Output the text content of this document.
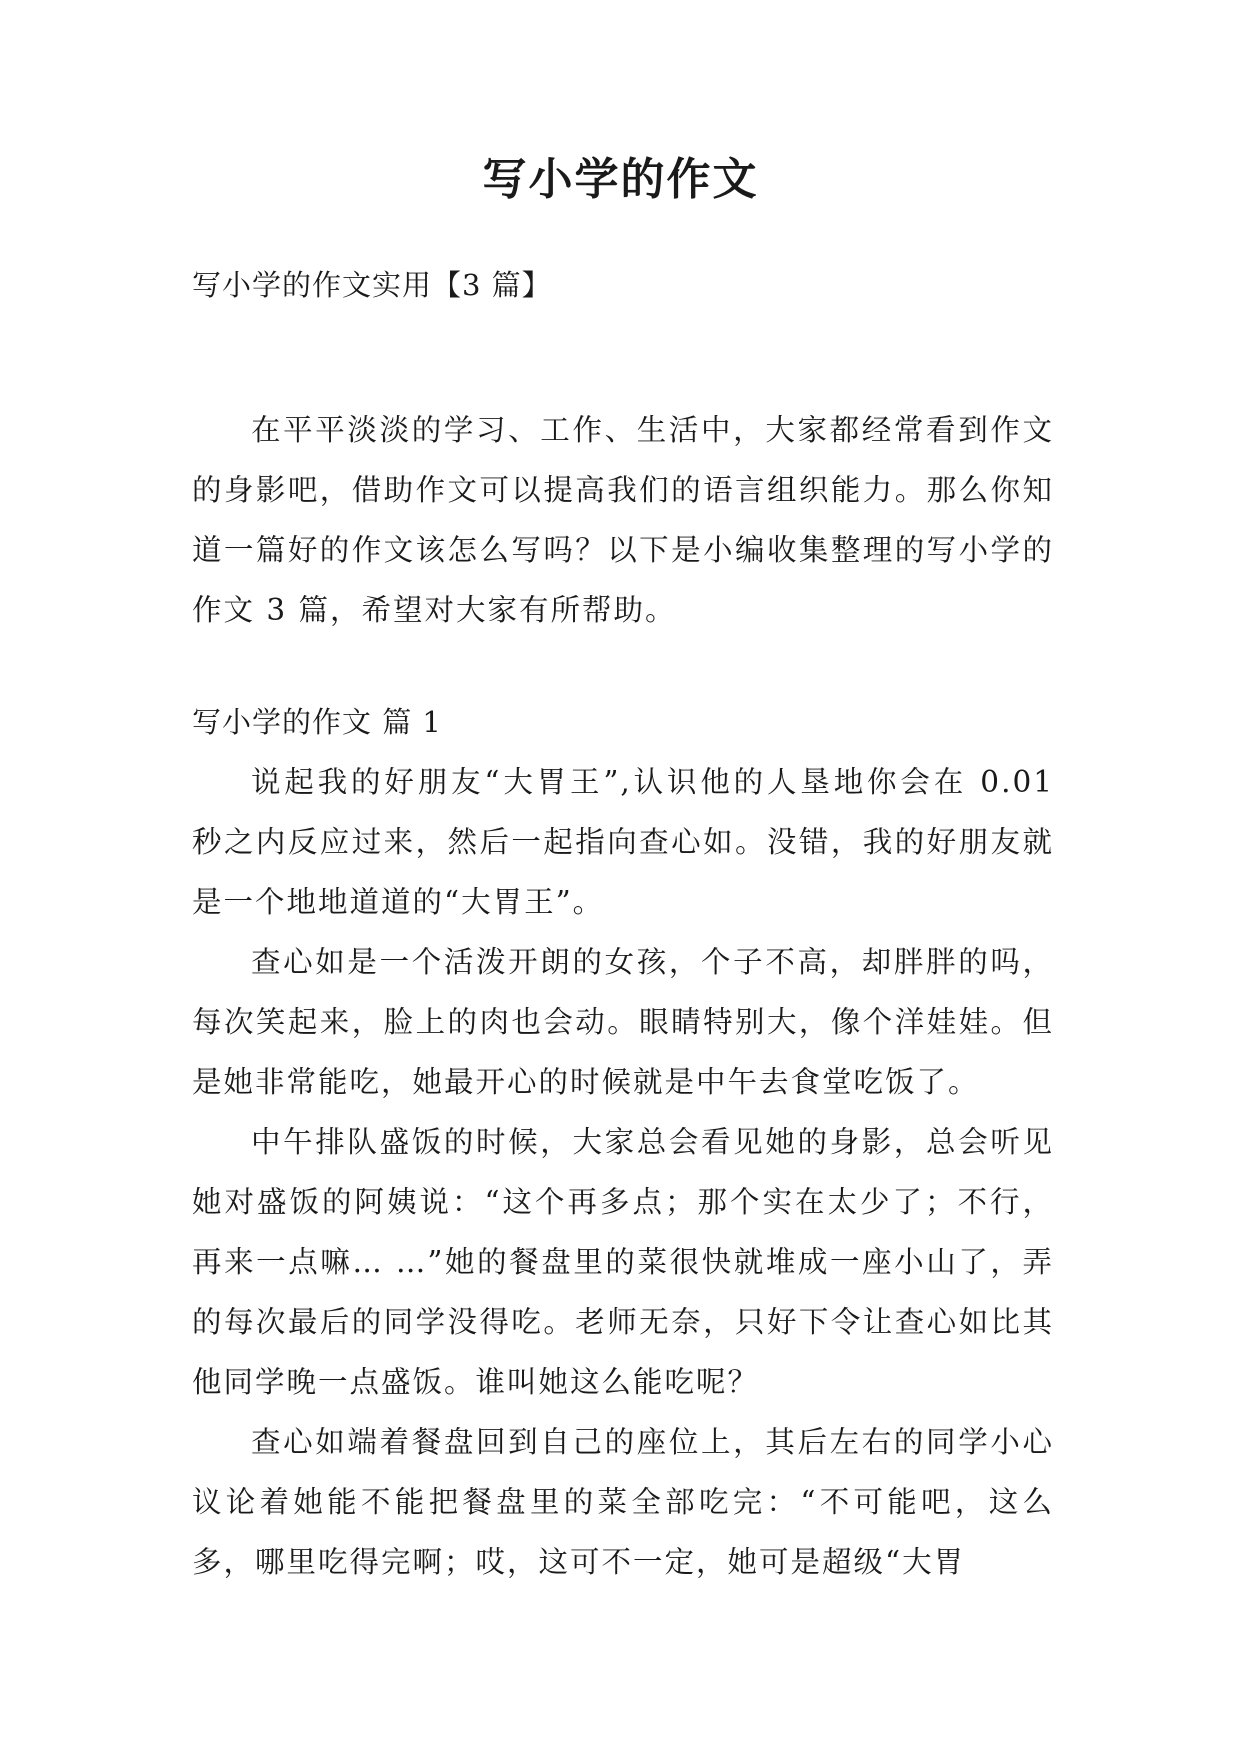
写小学的作文

写小学的作文实用【3 篇】

在平平淡淡的学习、工作、生活中，大家都经常看到作文的身影吧，借助作文可以提高我们的语言组织能力。那么你知道一篇好的作文该怎么写吗？以下是小编收集整理的写小学的作文 3 篇，希望对大家有所帮助。

写小学的作文 篇 1

说起我的好朋友“大胃王”,认识他的人垦地你会在 0.01 秒之内反应过来，然后一起指向查心如。没错，我的好朋友就是一个地地道道的“大胃王”。

查心如是一个活泼开朗的女孩，个子不高，却胖胖的吗，每次笑起来，脸上的肉也会动。眼睛特别大，像个洋娃娃。但是她非常能吃，她最开心的时候就是中午去食堂吃饭了。

中午排队盛饭的时候，大家总会看见她的身影，总会听见她对盛饭的阿姨说：“这个再多点；那个实在太少了；不行，再来一点嘛… …”她的餐盘里的菜很快就堆成一座小山了，弄的每次最后的同学没得吃。老师无奈，只好下令让查心如比其他同学晚一点盛饭。谁叫她这么能吃呢？

查心如端着餐盘回到自己的座位上，其后左右的同学小心议论着她能不能把餐盘里的菜全部吃完：“不可能吧，这么多，哪里吃得完啊；哎，这可不一定，她可是超级“大胃
